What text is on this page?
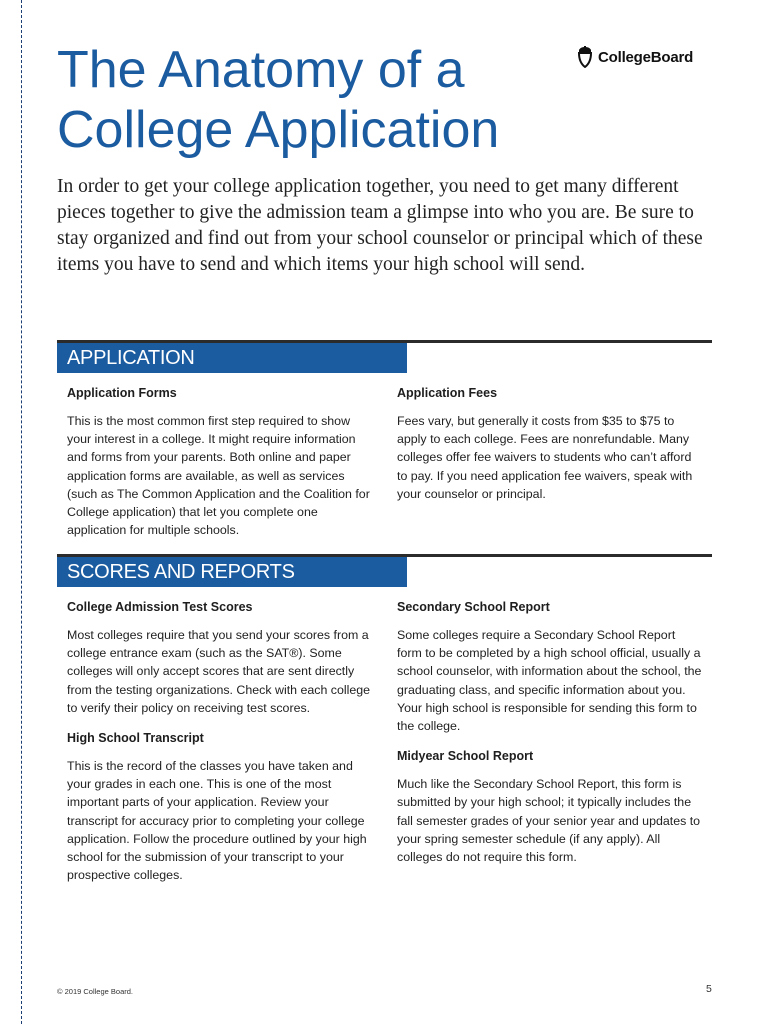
The Anatomy of a College Application
CollegeBoard

In order to get your college application together, you need to get many different pieces together to give the admission team a glimpse into who you are. Be sure to stay organized and find out from your school counselor or principal which of these items you have to send and which items your high school will send.

APPLICATION
Application Forms

This is the most common first step required to show your interest in a college. It might require information and forms from your parents. Both online and paper application forms are available, as well as services (such as The Common Application and the Coalition for College application) that let you complete one application for multiple schools.

Application Fees

Fees vary, but generally it costs from $35 to $75 to apply to each college. Fees are nonrefundable. Many colleges offer fee waivers to students who can’t afford to pay. If you need application fee waivers, speak with your counselor or principal.

SCORES AND REPORTS
College Admission Test Scores

Most colleges require that you send your scores from a college entrance exam (such as the SAT®). Some colleges will only accept scores that are sent directly from the testing organizations. Check with each college to verify their policy on receiving test scores.

High School Transcript

This is the record of the classes you have taken and your grades in each one. This is one of the most important parts of your application. Review your transcript for accuracy prior to completing your college application. Follow the procedure outlined by your high school for the submission of your transcript to your prospective colleges.

Secondary School Report

Some colleges require a Secondary School Report form to be completed by a high school official, usually a school counselor, with information about the school, the graduating class, and specific information about you. Your high school is responsible for sending this form to the college.

Midyear School Report

Much like the Secondary School Report, this form is submitted by your high school; it typically includes the fall semester grades of your senior year and updates to your spring semester schedule (if any apply). All colleges do not require this form.

© 2019 College Board.	5
